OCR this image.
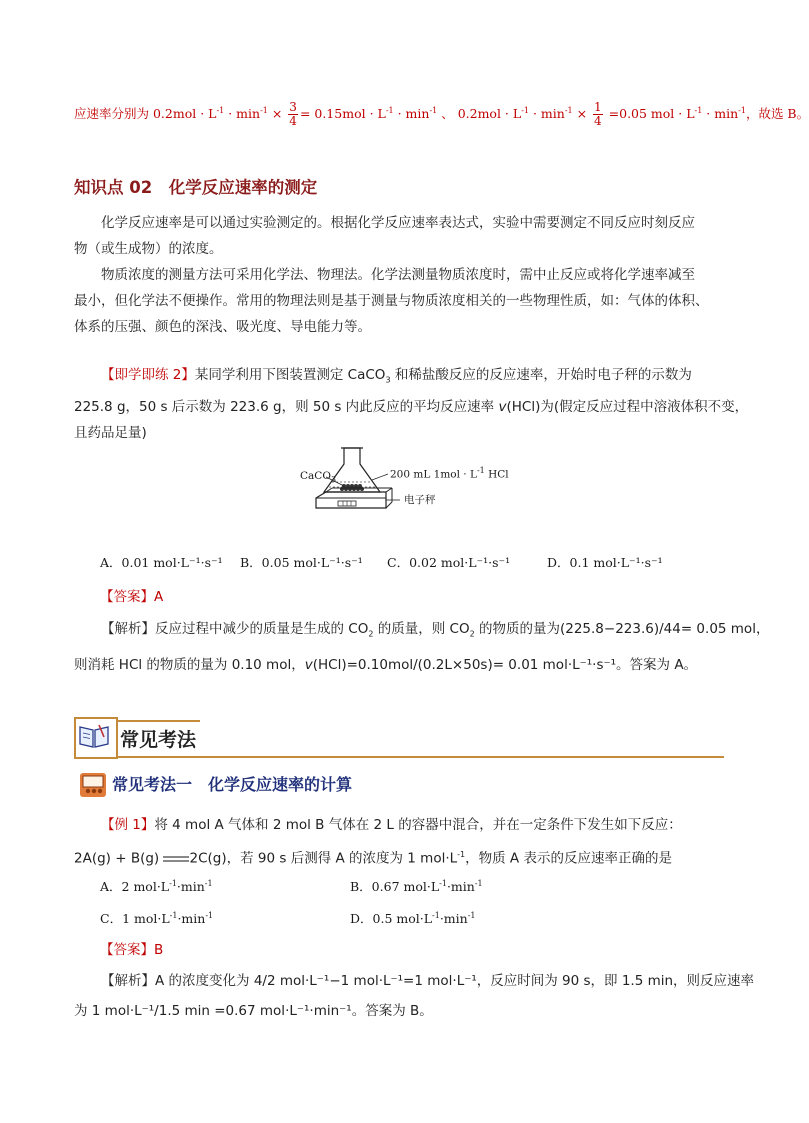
应速率分别为 $0.2mol \cdot L^{-1} \cdot \min^{-1} \times \frac{3}{4} = 0.15mol \cdot L^{-1} \cdot \min^{-1}$ 、 $0.2mol \cdot L^{-1} \cdot \min^{-1} \times \frac{1}{4} =0.05$ mol · $L^{-1} \cdot \min^{-1}$，故选 B。
知识点 02　化学反应速率的测定
化学反应速率是可以通过实验测定的。根据化学反应速率表达式，实验中需要测定不同反应时刻反应
物（或生成物）的浓度。
物质浓度的测量方法可采用化学法、物理法。化学法测量物质浓度时，需中止反应或将化学速率减至
最小，但化学法不便操作。常用的物理法则是基于测量与物质浓度相关的一些物理性质，如：气体的体积、
体系的压强、颜色的深浅、吸光度、导电能力等。
【即学即练 2】某同学利用下图装置测定 CaCO$_3$ 和稀盐酸反应的反应速率，开始时电子秤的示数为
225.8 g，50 s 后示数为 223.6 g，则 50 s 内此反应的平均反应速率 v(HCl)为(假定反应过程中溶液体积不变，
且药品足量)
CaCO$_3$	200 mL $1mol \cdot L^{-1}$ HCl
电子秤
A．0.01 mol·L⁻¹·s⁻¹ B．0.05 mol·L⁻¹·s⁻¹ C．0.02 mol·L⁻¹·s⁻¹	D．0.1 mol·L⁻¹·s⁻¹
【答案】A
【解析】反应过程中减少的质量是生成的 $CO_2$ 的质量，则 $CO_2$ 的物质的量为(225.8−223.6)/44= 0.05 mol，
则消耗 HCl 的物质的量为 0.10 mol，v(HCl)=0.10mol/(0.2L×50s)= 0.01 mol·L⁻¹·s⁻¹。答案为 A。
常见考法
常见考法一　化学反应速率的计算
【例 1】将 4 mol A 气体和 2 mol B 气体在 2 L 的容器中混合，并在一定条件下发生如下反应：
2A(g) + B(g)
2C(g)，若 90 s 后测得 A 的浓度为 1 $mol\cdot L^{-1}$，物质 A 表示的反应速率正确的是
A．2 $mol\cdot L^{-1}\cdot\min^{-1}$	B．0.67 $mol\cdot L^{-1}\cdot\min^{-1}$
C．1 $mol\cdot L^{-1}\cdot\min^{-1}$	D．0.5 $mol\cdot L^{-1}\cdot\min^{-1}$
【答案】B
【解析】A 的浓度变化为 4/2 mol·L⁻¹−1 mol·L⁻¹=1 mol·L⁻¹，反应时间为 90 s，即 1.5 min，则反应速率
为 1 mol·L⁻¹/1.5 min =0.67 mol·L⁻¹·min⁻¹。答案为 B。
